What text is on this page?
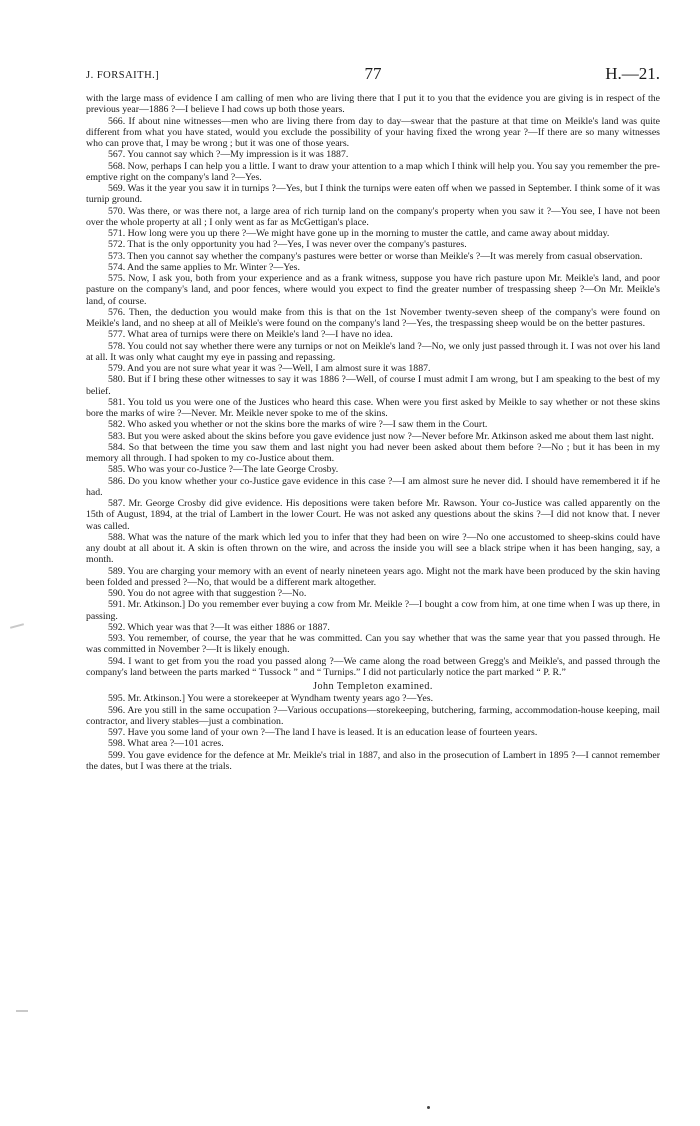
J. FORSAITH.]	77	H.—21.

with the large mass of evidence I am calling of men who are living there that I put it to you that the evidence you are giving is in respect of the previous year—1886 ?—I believe I had cows up both those years.

566. If about nine witnesses—men who are living there from day to day—swear that the pasture at that time on Meikle's land was quite different from what you have stated, would you exclude the possibility of your having fixed the wrong year ?—If there are so many witnesses who can prove that, I may be wrong ; but it was one of those years.

567. You cannot say which ?—My impression is it was 1887.

568. Now, perhaps I can help you a little. I want to draw your attention to a map which I think will help you. You say you remember the pre-emptive right on the company's land ?—Yes.

569. Was it the year you saw it in turnips ?—Yes, but I think the turnips were eaten off when we passed in September. I think some of it was turnip ground.

570. Was there, or was there not, a large area of rich turnip land on the company's property when you saw it ?—You see, I have not been over the whole property at all ; I only went as far as McGettigan's place.

571. How long were you up there ?—We might have gone up in the morning to muster the cattle, and came away about midday.

572. That is the only opportunity you had ?—Yes, I was never over the company's pastures.

573. Then you cannot say whether the company's pastures were better or worse than Meikle's ?—It was merely from casual observation.

574. And the same applies to Mr. Winter ?—Yes.

575. Now, I ask you, both from your experience and as a frank witness, suppose you have rich pasture upon Mr. Meikle's land, and poor pasture on the company's land, and poor fences, where would you expect to find the greater number of trespassing sheep ?—On Mr. Meikle's land, of course.

576. Then, the deduction you would make from this is that on the 1st November twenty-seven sheep of the company's were found on Meikle's land, and no sheep at all of Meikle's were found on the company's land ?—Yes, the trespassing sheep would be on the better pastures.

577. What area of turnips were there on Meikle's land ?—I have no idea.

578. You could not say whether there were any turnips or not on Meikle's land ?—No, we only just passed through it. I was not over his land at all. It was only what caught my eye in passing and repassing.

579. And you are not sure what year it was ?—Well, I am almost sure it was 1887.

580. But if I bring these other witnesses to say it was 1886 ?—Well, of course I must admit I am wrong, but I am speaking to the best of my belief.

581. You told us you were one of the Justices who heard this case. When were you first asked by Meikle to say whether or not these skins bore the marks of wire ?—Never. Mr. Meikle never spoke to me of the skins.

582. Who asked you whether or not the skins bore the marks of wire ?—I saw them in the Court.

583. But you were asked about the skins before you gave evidence just now ?—Never before Mr. Atkinson asked me about them last night.

584. So that between the time you saw them and last night you had never been asked about them before ?—No ; but it has been in my memory all through. I had spoken to my co-Justice about them.

585. Who was your co-Justice ?—The late George Crosby.

586. Do you know whether your co-Justice gave evidence in this case ?—I am almost sure he never did. I should have remembered it if he had.

587. Mr. George Crosby did give evidence. His depositions were taken before Mr. Rawson. Your co-Justice was called apparently on the 15th of August, 1894, at the trial of Lambert in the lower Court. He was not asked any questions about the skins ?—I did not know that. I never was called.

588. What was the nature of the mark which led you to infer that they had been on wire ?—No one accustomed to sheep-skins could have any doubt at all about it. A skin is often thrown on the wire, and across the inside you will see a black stripe when it has been hanging, say, a month.

589. You are charging your memory with an event of nearly nineteen years ago. Might not the mark have been produced by the skin having been folded and pressed ?—No, that would be a different mark altogether.

590. You do not agree with that suggestion ?—No.

591. Mr. Atkinson.] Do you remember ever buying a cow from Mr. Meikle ?—I bought a cow from him, at one time when I was up there, in passing.

592. Which year was that ?—It was either 1886 or 1887.

593. You remember, of course, the year that he was committed. Can you say whether that was the same year that you passed through. He was committed in November ?—It is likely enough.

594. I want to get from you the road you passed along ?—We came along the road between Gregg's and Meikle's, and passed through the company's land between the parts marked “ Tussock ” and “ Turnips.” I did not particularly notice the part marked “ P. R.”

John Templeton examined.

595. Mr. Atkinson.] You were a storekeeper at Wyndham twenty years ago ?—Yes.

596. Are you still in the same occupation ?—Various occupations—storekeeping, butchering, farming, accommodation-house keeping, mail contractor, and livery stables—just a combination.

597. Have you some land of your own ?—The land I have is leased. It is an education lease of fourteen years.

598. What area ?—101 acres.

599. You gave evidence for the defence at Mr. Meikle's trial in 1887, and also in the prosecution of Lambert in 1895 ?—I cannot remember the dates, but I was there at the trials.
